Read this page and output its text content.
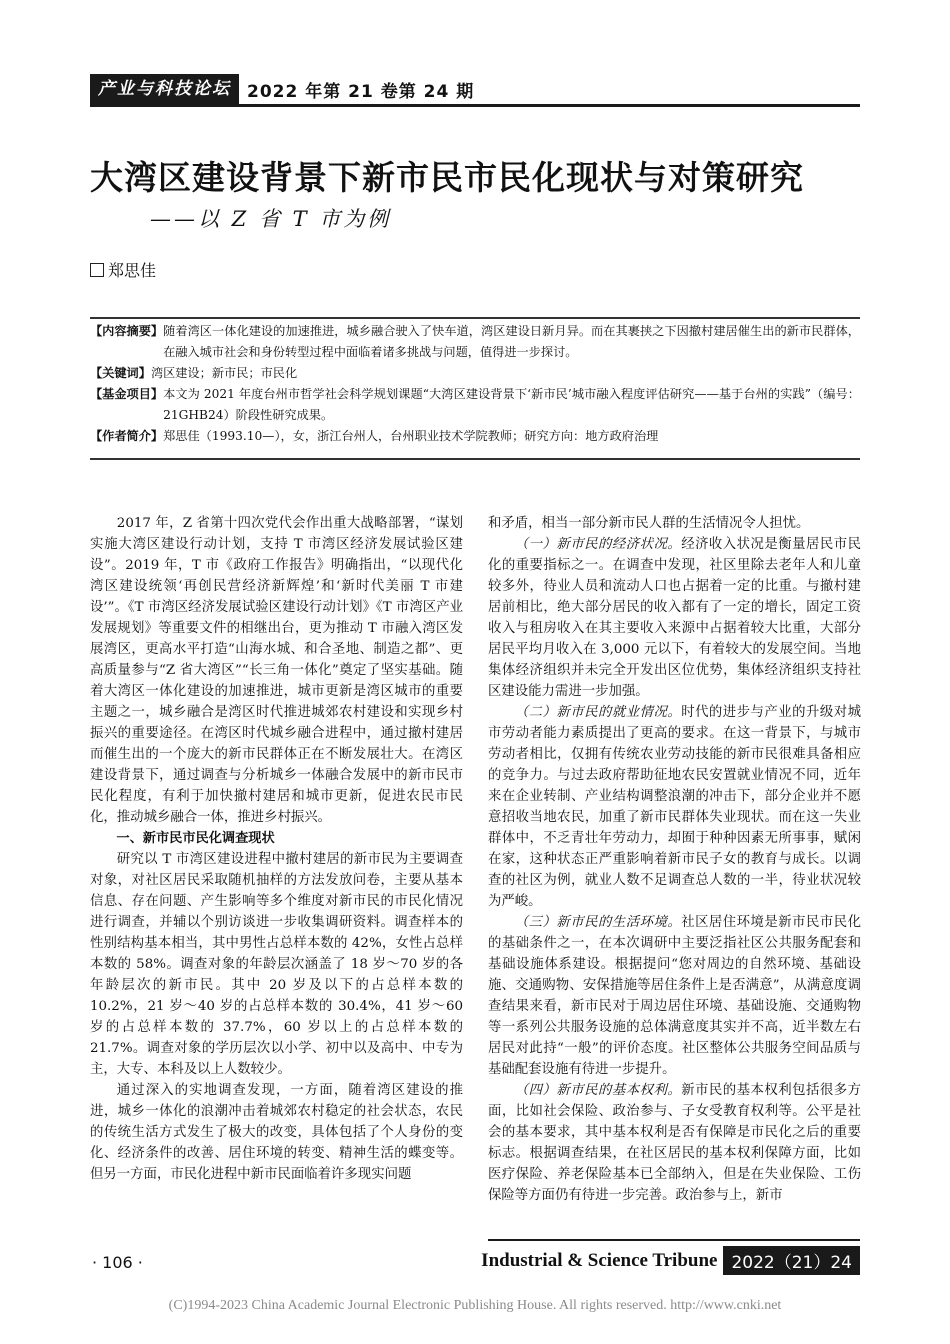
产业与科技论坛 2022 年第 21 卷第 24 期
大湾区建设背景下新市民市民化现状与对策研究
——以 Z 省 T 市为例
郑思佳
【内容摘要】 随着湾区一体化建设的加速推进，城乡融合驶入了快车道，湾区建设日新月异。而在其裹挟之下因撤村建居催生出的新市民群体，在融入城市社会和身份转型过程中面临着诸多挑战与问题，值得进一步探讨。
【关键词】 湾区建设；新市民；市民化
【基金项目】 本文为 2021 年度台州市哲学社会科学规划课题“大湾区建设背景下‘新市民’城市融入程度评估研究——基于台州的实践”（编号：21GHB24）阶段性研究成果。
【作者简介】 郑思佳（1993.10—），女，浙江台州人，台州职业技术学院教师；研究方向：地方政府治理

2017 年，Z 省第十四次党代会作出重大战略部署，“谋划实施大湾区建设行动计划，支持 T 市湾区经济发展试验区建设”。2019 年，T 市《政府工作报告》明确指出，“以现代化湾区建设统领‘再创民营经济新辉煌’和‘新时代美丽 T 市建设’”。《T 市湾区经济发展试验区建设行动计划》《T 市湾区产业发展规划》等重要文件的相继出台，更为推动 T 市融入湾区发展湾区，更高水平打造“山海水城、和合圣地、制造之都”、更高质量参与“Z 省大湾区”“长三角一体化”奠定了坚实基础。随着大湾区一体化建设的加速推进，城市更新是湾区城市的重要主题之一，城乡融合是湾区时代推进城郊农村建设和实现乡村振兴的重要途径。在湾区时代城乡融合进程中，通过撤村建居而催生出的一个庞大的新市民群体正在不断发展壮大。在湾区建设背景下，通过调查与分析城乡一体融合发展中的新市民市民化程度，有利于加快撤村建居和城市更新，促进农民市民化，推动城乡融合一体，推进乡村振兴。

一、新市民市民化调查现状

研究以 T 市湾区建设进程中撤村建居的新市民为主要调查对象，对社区居民采取随机抽样的方法发放问卷，主要从基本信息、存在问题、产生影响等多个维度对新市民的市民化情况进行调查，并辅以个别访谈进一步收集调研资料。调查样本的性别结构基本相当，其中男性占总样本数的 42%，女性占总样本数的 58%。调查对象的年龄层次涵盖了 18 岁～70 岁的各年龄层次的新市民。其中 20 岁及以下的占总样本数的 10.2%，21 岁～40 岁的占总样本数的 30.4%，41 岁～60 岁的占总样本数的 37.7%，60 岁以上的占总样本数的 21.7%。调查对象的学历层次以小学、初中以及高中、中专为主，大专、本科及以上人数较少。

通过深入的实地调查发现，一方面，随着湾区建设的推进，城乡一体化的浪潮冲击着城郊农村稳定的社会状态，农民的传统生活方式发生了极大的改变，具体包括了个人身份的变化、经济条件的改善、居住环境的转变、精神生活的蝶变等。但另一方面，市民化进程中新市民面临着许多现实问题

和矛盾，相当一部分新市民人群的生活情况令人担忧。

（一）新市民的经济状况。经济收入状况是衡量居民市民化的重要指标之一。在调查中发现，社区里除去老年人和儿童较多外，待业人员和流动人口也占据着一定的比重。与撤村建居前相比，绝大部分居民的收入都有了一定的增长，固定工资收入与租房收入在其主要收入来源中占据着较大比重，大部分居民平均月收入在 3,000 元以下，有着较大的发展空间。当地集体经济组织并未完全开发出区位优势，集体经济组织支持社区建设能力需进一步加强。

（二）新市民的就业情况。时代的进步与产业的升级对城市劳动者能力素质提出了更高的要求。在这一背景下，与城市劳动者相比，仅拥有传统农业劳动技能的新市民很难具备相应的竞争力。与过去政府帮助征地农民安置就业情况不同，近年来在企业转制、产业结构调整浪潮的冲击下，部分企业并不愿意招收当地农民，加重了新市民群体失业现状。而在这一失业群体中，不乏青壮年劳动力，却囿于种种因素无所事事，赋闲在家，这种状态正严重影响着新市民子女的教育与成长。以调查的社区为例，就业人数不足调查总人数的一半，待业状况较为严峻。

（三）新市民的生活环境。社区居住环境是新市民市民化的基础条件之一，在本次调研中主要泛指社区公共服务配套和基础设施体系建设。根据提问“您对周边的自然环境、基础设施、交通购物、安保措施等居住条件上是否满意”，从满意度调查结果来看，新市民对于周边居住环境、基础设施、交通购物等一系列公共服务设施的总体满意度其实并不高，近半数左右居民对此持“一般”的评价态度。社区整体公共服务空间品质与基础配套设施有待进一步提升。

（四）新市民的基本权利。新市民的基本权利包括很多方面，比如社会保险、政治参与、子女受教育权利等。公平是社会的基本要求，其中基本权利是否有保障是市民化之后的重要标志。根据调查结果，在社区居民的基本权利保障方面，比如医疗保险、养老保险基本已全部纳入，但是在失业保险、工伤保险等方面仍有待进一步完善。政治参与上，新市

· 106 ·	Industrial & Science Tribune 2022（21）24
(C)1994-2023 China Academic Journal Electronic Publishing House. All rights reserved. http://www.cnki.net
